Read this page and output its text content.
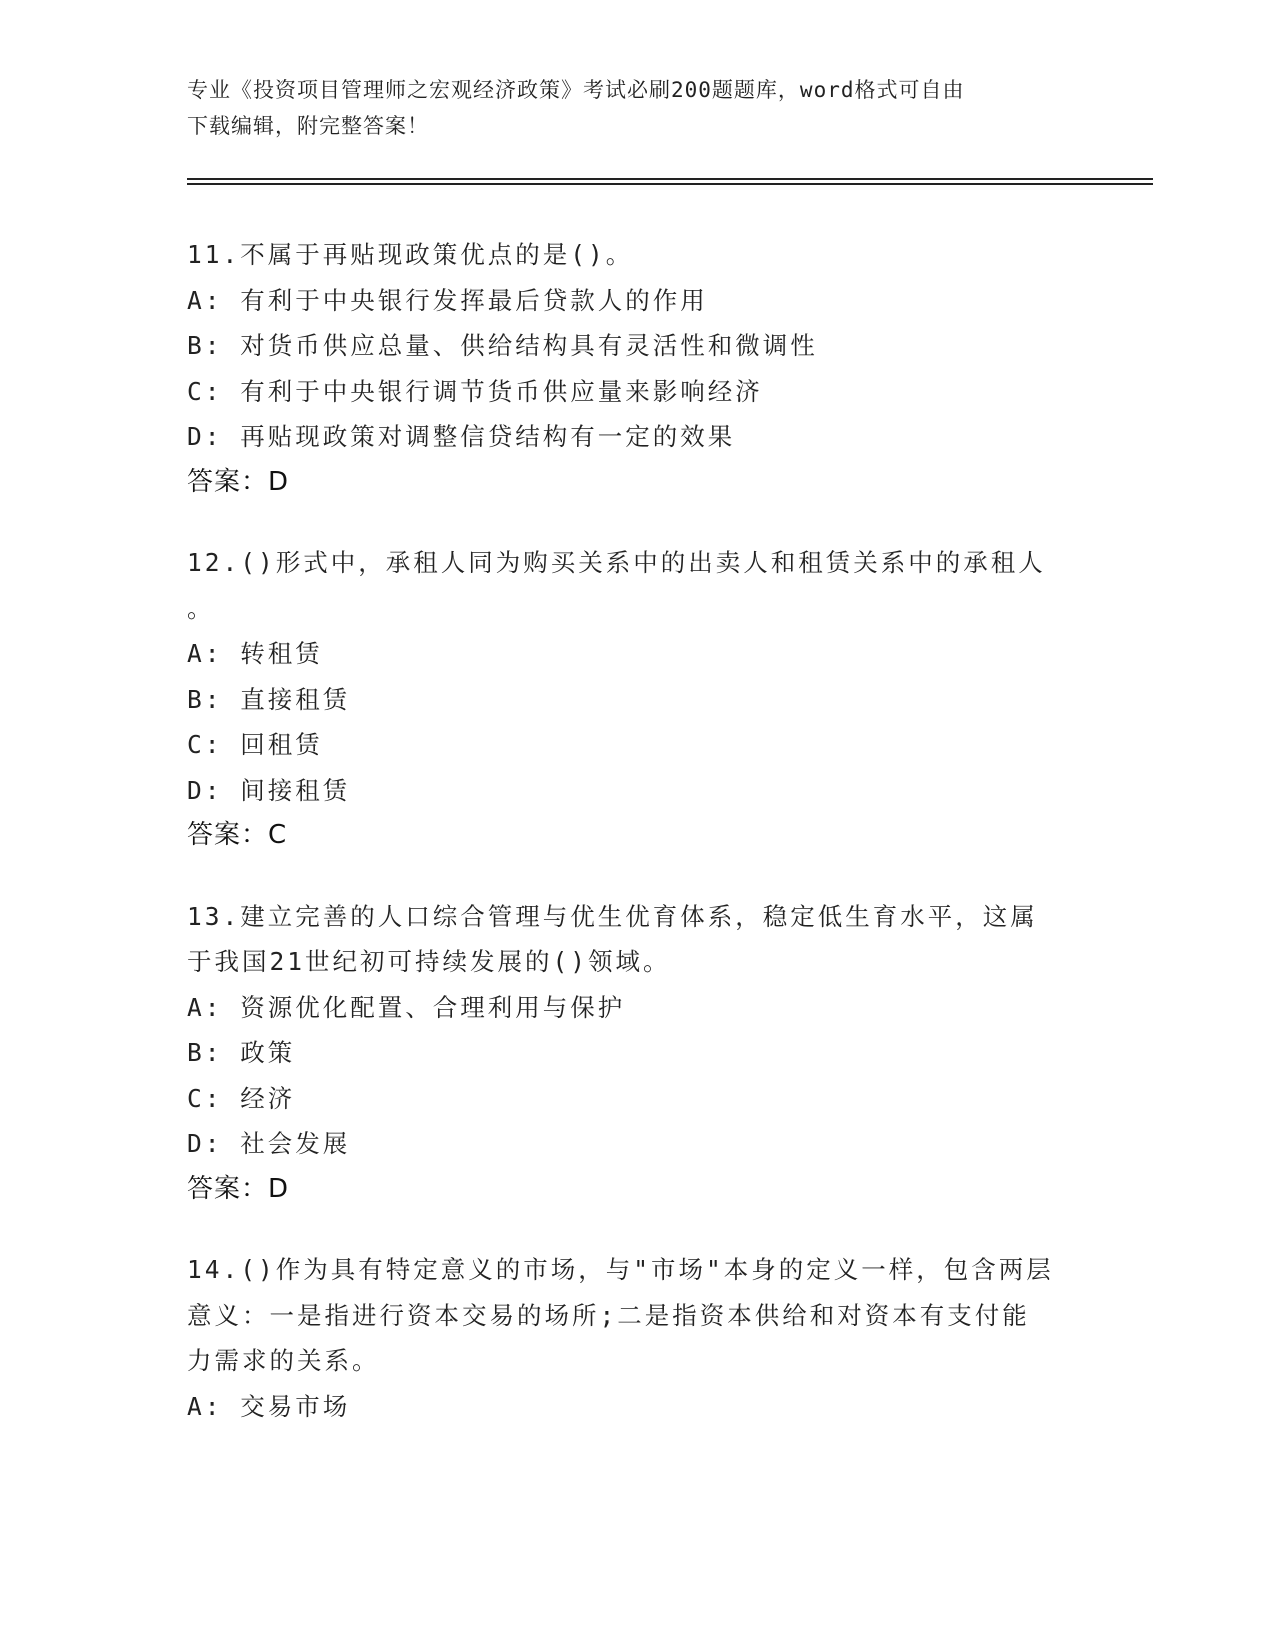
专业《投资项目管理师之宏观经济政策》考试必刷200题题库，word格式可自由
下载编辑，附完整答案！
11.不属于再贴现政策优点的是()。
A: 有利于中央银行发挥最后贷款人的作用
B: 对货币供应总量、供给结构具有灵活性和微调性
C: 有利于中央银行调节货币供应量来影响经济
D: 再贴现政策对调整信贷结构有一定的效果
答案：D
12.()形式中，承租人同为购买关系中的出卖人和租赁关系中的承租人
。
A: 转租赁
B: 直接租赁
C: 回租赁
D: 间接租赁
答案：C
13.建立完善的人口综合管理与优生优育体系，稳定低生育水平，这属
于我国21世纪初可持续发展的()领域。
A: 资源优化配置、合理利用与保护
B: 政策
C: 经济
D: 社会发展
答案：D
14.()作为具有特定意义的市场，与"市场"本身的定义一样，包含两层
意义：一是指进行资本交易的场所;二是指资本供给和对资本有支付能
力需求的关系。
A: 交易市场
